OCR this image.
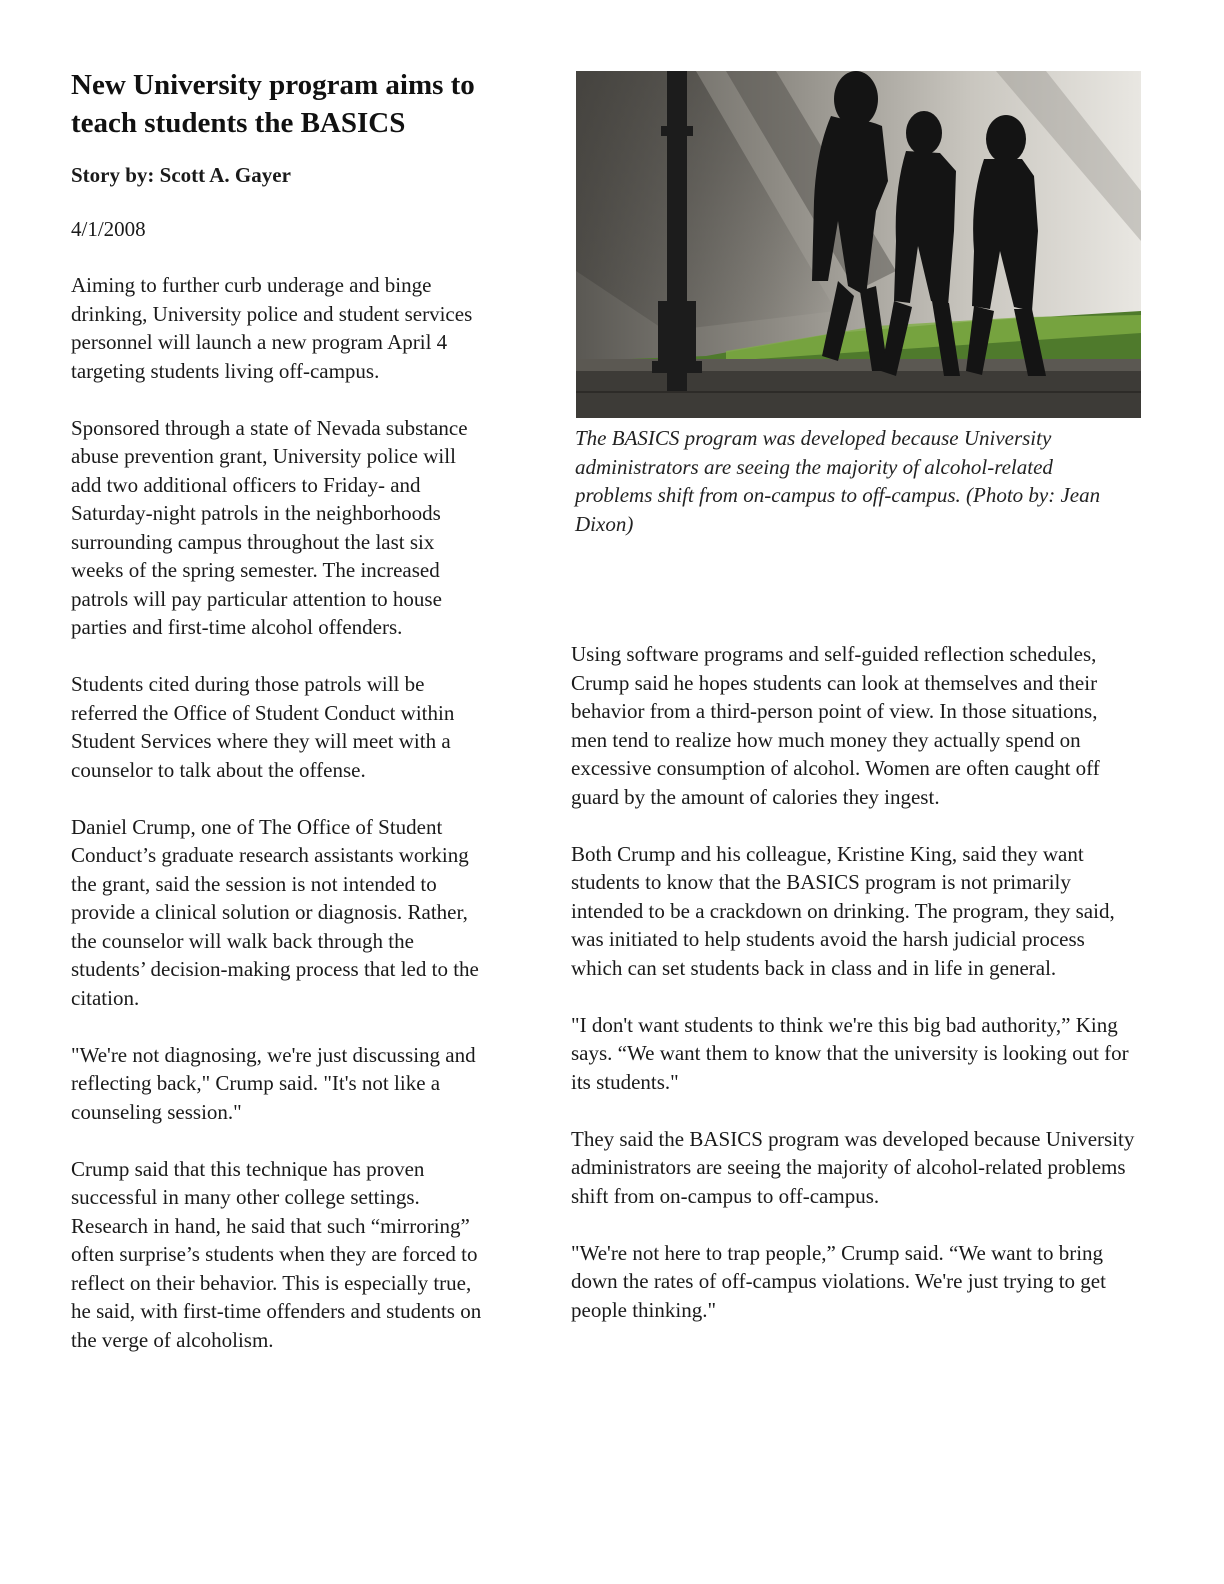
New University program aims to teach students the BASICS

Story by: Scott A. Gayer

4/1/2008

Aiming to further curb underage and binge drinking, University police and student services personnel will launch a new program April 4 targeting students living off-campus.

Sponsored through a state of Nevada substance abuse prevention grant, University police will add two additional officers to Friday- and Saturday-night patrols in the neighborhoods surrounding campus throughout the last six weeks of the spring semester. The increased patrols will pay particular attention to house parties and first-time alcohol offenders.

Students cited during those patrols will be referred the Office of Student Conduct within Student Services where they will meet with a counselor to talk about the offense.

Daniel Crump, one of The Office of Student Conduct’s graduate research assistants working the grant, said the session is not intended to provide a clinical solution or diagnosis. Rather, the counselor will walk back through the students’ decision-making process that led to the citation.

"We're not diagnosing, we're just discussing and reflecting back," Crump said. "It's not like a counseling session."

Crump said that this technique has proven successful in many other college settings. Research in hand, he said that such “mirroring” often surprise’s students when they are forced to reflect on their behavior. This is especially true, he said, with first-time offenders and students on the verge of alcoholism.

The BASICS program was developed because University administrators are seeing the majority of alcohol-related problems shift from on-campus to off-campus. (Photo by: Jean Dixon)

Using software programs and self-guided reflection schedules, Crump said he hopes students can look at themselves and their behavior from a third-person point of view. In those situations, men tend to realize how much money they actually spend on excessive consumption of alcohol. Women are often caught off guard by the amount of calories they ingest.

Both Crump and his colleague, Kristine King, said they want students to know that the BASICS program is not primarily intended to be a crackdown on drinking. The program, they said, was initiated to help students avoid the harsh judicial process which can set students back in class and in life in general.

"I don't want students to think we're this big bad authority,” King says. “We want them to know that the university is looking out for its students."

They said the BASICS program was developed because University administrators are seeing the majority of alcohol-related problems shift from on-campus to off-campus.

"We're not here to trap people,” Crump said. “We want to bring down the rates of off-campus violations. We're just trying to get people thinking."
